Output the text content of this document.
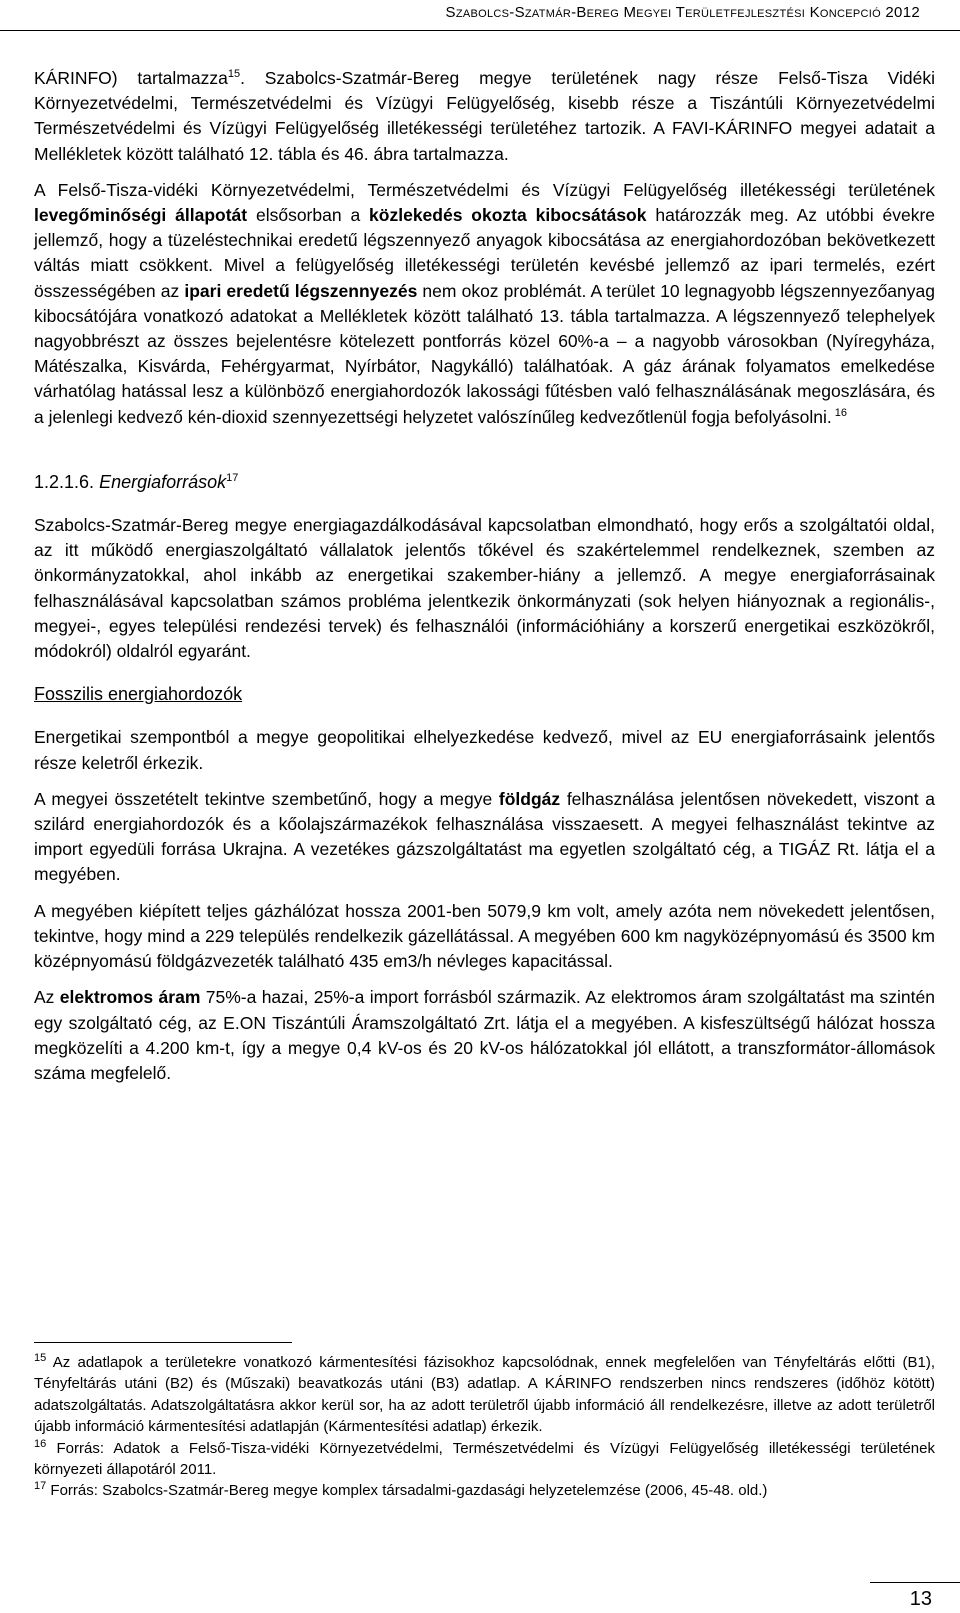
Szabolcs-Szatmár-Bereg Megyei Területfejlesztési Koncepció 2012

KÁRINFO) tartalmazza$^{15}$. Szabolcs-Szatmár-Bereg megye területének nagy része Felső-Tisza Vidéki Környezetvédelmi, Természetvédelmi és Vízügyi Felügyelőség, kisebb része a Tiszántúli Környezetvédelmi Természetvédelmi és Vízügyi Felügyelőség illetékességi területéhez tartozik. A FAVI-KÁRINFO megyei adatait a Mellékletek között található 12. tábla és 46. ábra tartalmazza.

A Felső-Tisza-vidéki Környezetvédelmi, Természetvédelmi és Vízügyi Felügyelőség illetékességi területének levegőminőségi állapotát elsősorban a közlekedés okozta kibocsátások határozzák meg. Az utóbbi évekre jellemző, hogy a tüzeléstechnikai eredetű légszennyező anyagok kibocsátása az energiahordozóban bekövetkezett váltás miatt csökkent. Mivel a felügyelőség illetékességi területén kevésbé jellemző az ipari termelés, ezért összességében az ipari eredetű légszennyezés nem okoz problémát. A terület 10 legnagyobb légszennyezőanyag kibocsátójára vonatkozó adatokat a Mellékletek között található 13. tábla tartalmazza. A légszennyező telephelyek nagyobbrészt az összes bejelentésre kötelezett pontforrás közel 60%-a – a nagyobb városokban (Nyíregyháza, Mátészalka, Kisvárda, Fehérgyarmat, Nyírbátor, Nagykálló) találhatóak. A gáz árának folyamatos emelkedése várhatólag hatással lesz a különböző energiahordozók lakossági fűtésben való felhasználásának megoszlására, és a jelenlegi kedvező kén-dioxid szennyezettségi helyzetet valószínűleg kedvezőtlenül fogja befolyásolni. $^{16}$

1.2.1.6. Energiaforrások$^{17}$

Szabolcs-Szatmár-Bereg megye energiagazdálkodásával kapcsolatban elmondható, hogy erős a szolgáltatói oldal, az itt működő energiaszolgáltató vállalatok jelentős tőkével és szakértelemmel rendelkeznek, szemben az önkormányzatokkal, ahol inkább az energetikai szakember-hiány a jellemző. A megye energiaforrásainak felhasználásával kapcsolatban számos probléma jelentkezik önkormányzati (sok helyen hiányoznak a regionális-, megyei-, egyes települési rendezési tervek) és felhasználói (információhiány a korszerű energetikai eszközökről, módokról) oldalról egyaránt.

Fosszilis energiahordozók

Energetikai szempontból a megye geopolitikai elhelyezkedése kedvező, mivel az EU energiaforrásaink jelentős része keletről érkezik.

A megyei összetételt tekintve szembetűnő, hogy a megye földgáz felhasználása jelentősen növekedett, viszont a szilárd energiahordozók és a kőolajszármazékok felhasználása visszaesett. A megyei felhasználást tekintve az import egyedüli forrása Ukrajna. A vezetékes gázszolgáltatást ma egyetlen szolgáltató cég, a TIGÁZ Rt. látja el a megyében.

A megyében kiépített teljes gázhálózat hossza 2001-ben 5079,9 km volt, amely azóta nem növekedett jelentősen, tekintve, hogy mind a 229 település rendelkezik gázellátással. A megyében 600 km nagyközépnyomású és 3500 km középnyomású földgázvezeték található 435 em3/h névleges kapacitással.

Az elektromos áram 75%-a hazai, 25%-a import forrásból származik. Az elektromos áram szolgáltatást ma szintén egy szolgáltató cég, az E.ON Tiszántúli Áramszolgáltató Zrt. látja el a megyében. A kisfeszültségű hálózat hossza megközelíti a 4.200 km-t, így a megye 0,4 kV-os és 20 kV-os hálózatokkal jól ellátott, a transzformátor-állomások száma megfelelő.

$^{15}$ Az adatlapok a területekre vonatkozó kármentesítési fázisokhoz kapcsolódnak, ennek megfelelően van Tényfeltárás előtti (B1), Tényfeltárás utáni (B2) és (Műszaki) beavatkozás utáni (B3) adatlap. A KÁRINFO rendszerben nincs rendszeres (időhöz kötött) adatszolgáltatás. Adatszolgáltatásra akkor kerül sor, ha az adott területről újabb információ áll rendelkezésre, illetve az adott területről újabb információ kármentesítési adatlapján (Kármentesítési adatlap) érkezik.

$^{16}$ Forrás: Adatok a Felső-Tisza-vidéki Környezetvédelmi, Természetvédelmi és Vízügyi Felügyelőség illetékességi területének környezeti állapotáról 2011.

$^{17}$ Forrás: Szabolcs-Szatmár-Bereg megye komplex társadalmi-gazdasági helyzetelemzése (2006, 45-48. old.)

13
